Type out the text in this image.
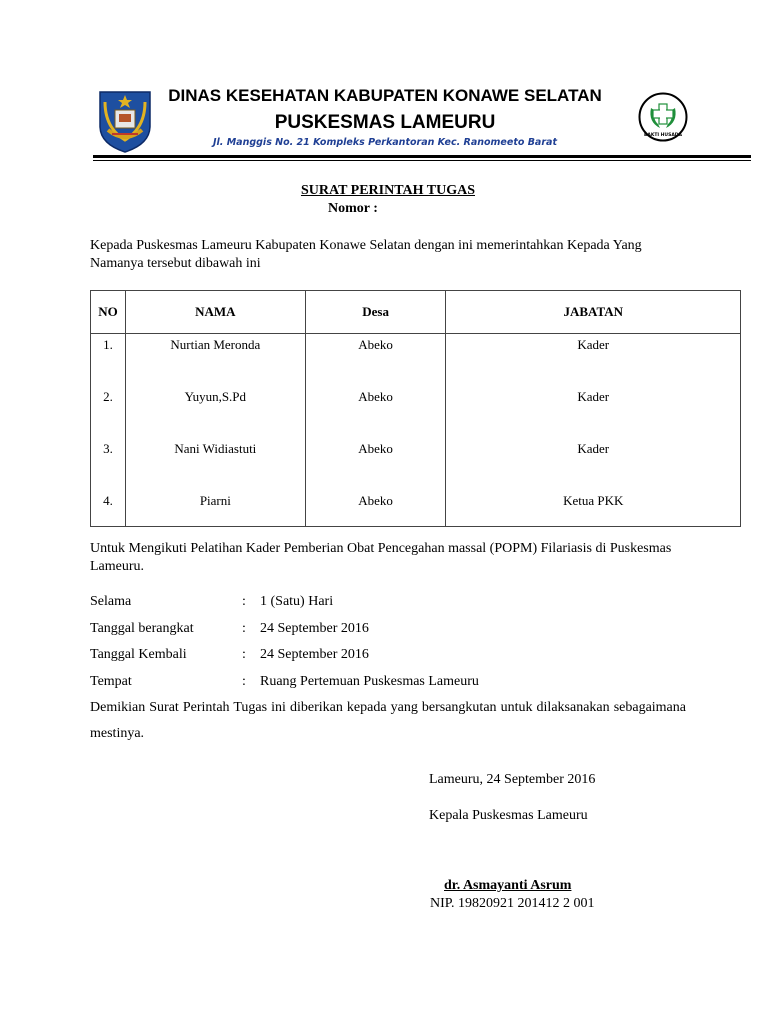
DINAS KESEHATAN KABUPATEN KONAWE SELATAN
PUSKESMAS LAMEURU
Jl. Manggis No. 21 Kompleks Perkantoran Kec. Ranomeeto Barat
BAKTI HUSADA
SURAT PERINTAH TUGAS
Nomor :
Kepada Puskesmas Lameuru Kabupaten Konawe Selatan dengan ini memerintahkan Kepada Yang Namanya tersebut dibawah ini
NO	NAMA	Desa	JABATAN
1.	Nurtian Meronda	Abeko	Kader
2.	Yuyun,S.Pd	Abeko	Kader
3.	Nani Widiastuti	Abeko	Kader
4.	Piarni	Abeko	Ketua PKK
Untuk Mengikuti Pelatihan Kader Pemberian Obat Pencegahan massal (POPM) Filariasis di Puskesmas Lameuru.
Selama	: 1 (Satu) Hari
Tanggal berangkat	: 24 September 2016
Tanggal Kembali	: 24 September 2016
Tempat	: Ruang Pertemuan Puskesmas Lameuru
Demikian Surat Perintah Tugas ini diberikan kepada yang bersangkutan untuk dilaksanakan sebagaimana mestinya.
Lameuru, 24 September 2016
Kepala Puskesmas Lameuru
dr. Asmayanti Asrum
NIP. 19820921 201412 2 001
